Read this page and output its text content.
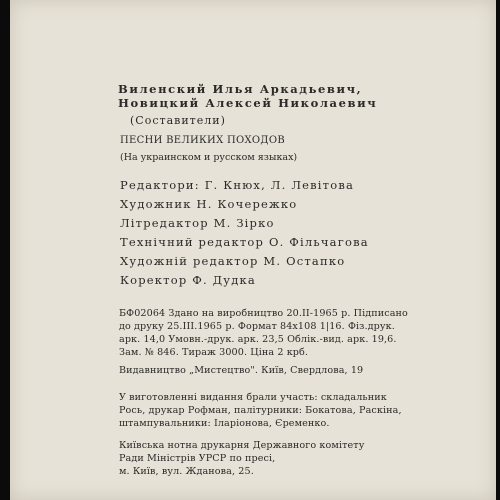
Виленский Илья Аркадьевич,
Новицкий Алексей Николаевич
(Составители)
ПЕСНИ ВЕЛИКИХ ПОХОДОВ
(На украинском и русском языках)
Редактори: Г. Кнюх, Л. Левітова
Художник Н. Кочережко
Літредактор М. Зірко
Технічний редактор О. Фільчагова
Художній редактор М. Остапко
Коректор Ф. Дудка
БФ02064 Здано на виробництво 20.II-1965 р. Підписано
до друку 25.III.1965 р. Формат 84х108 1|16. Фіз.друк.
арк. 14,0 Умовн.-друк. арк. 23,5 Облік.-вид. арк. 19,6.
Зам. № 846. Тираж 3000. Ціна 2 крб.
Видавництво „Мистецтво". Київ, Свердлова, 19
У виготовленні видання брали участь: складальник
Рось, друкар Рофман, палітурники: Бокатова, Раскіна,
штампувальники: Іларіонова, Єременко.
Київська нотна друкарня Державного комітету
Ради Міністрів УРСР по пресі,
м. Київ, вул. Жданова, 25.
